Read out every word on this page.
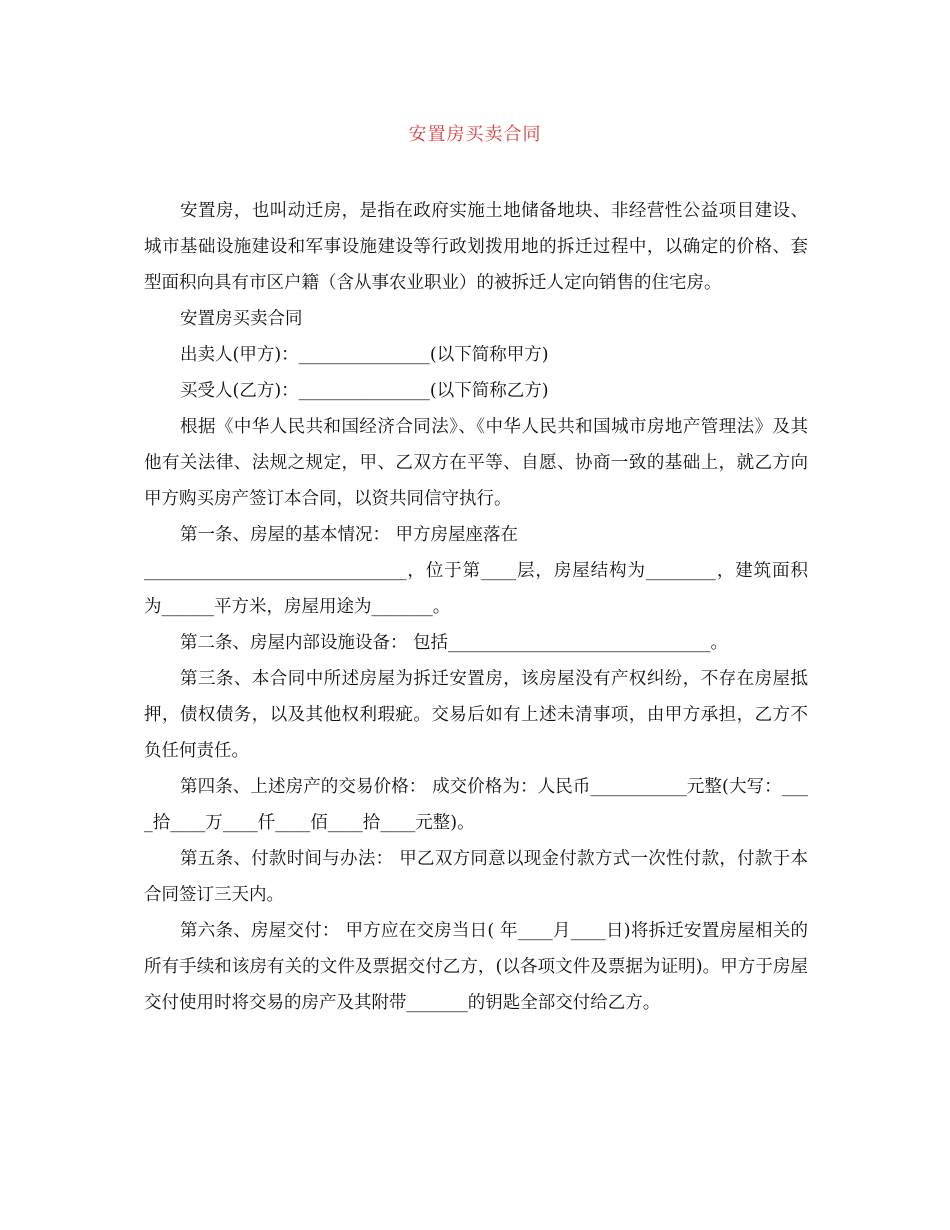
安置房买卖合同

安置房，也叫动迁房，是指在政府实施土地储备地块、非经营性公益项目建设、城市基础设施建设和军事设施建设等行政划拨用地的拆迁过程中，以确定的价格、套型面积向具有市区户籍（含从事农业职业）的被拆迁人定向销售的住宅房。

安置房买卖合同

出卖人(甲方)：_______________(以下简称甲方)

买受人(乙方)：_______________(以下简称乙方)

根据《中华人民共和国经济合同法》、《中华人民共和国城市房地产管理法》及其他有关法律、法规之规定，甲、乙双方在平等、自愿、协商一致的基础上，就乙方向甲方购买房产签订本合同，以资共同信守执行。

第一条、房屋的基本情况： 甲方房屋座落在

______________________________，位于第____层，房屋结构为________，建筑面积为______平方米，房屋用途为_______。

第二条、房屋内部设施设备： 包括______________________________。

第三条、本合同中所述房屋为拆迁安置房，该房屋没有产权纠纷，不存在房屋抵押，债权债务，以及其他权利瑕疵。交易后如有上述未清事项，由甲方承担，乙方不负任何责任。

第四条、上述房产的交易价格： 成交价格为：人民币___________元整(大写：____拾____万____仟____佰____拾____元整)。

第五条、付款时间与办法： 甲乙双方同意以现金付款方式一次性付款，付款于本合同签订三天内。

第六条、房屋交付： 甲方应在交房当日( 年____月____日)将拆迁安置房屋相关的所有手续和该房有关的文件及票据交付乙方，(以各项文件及票据为证明)。甲方于房屋交付使用时将交易的房产及其附带_______的钥匙全部交付给乙方。
